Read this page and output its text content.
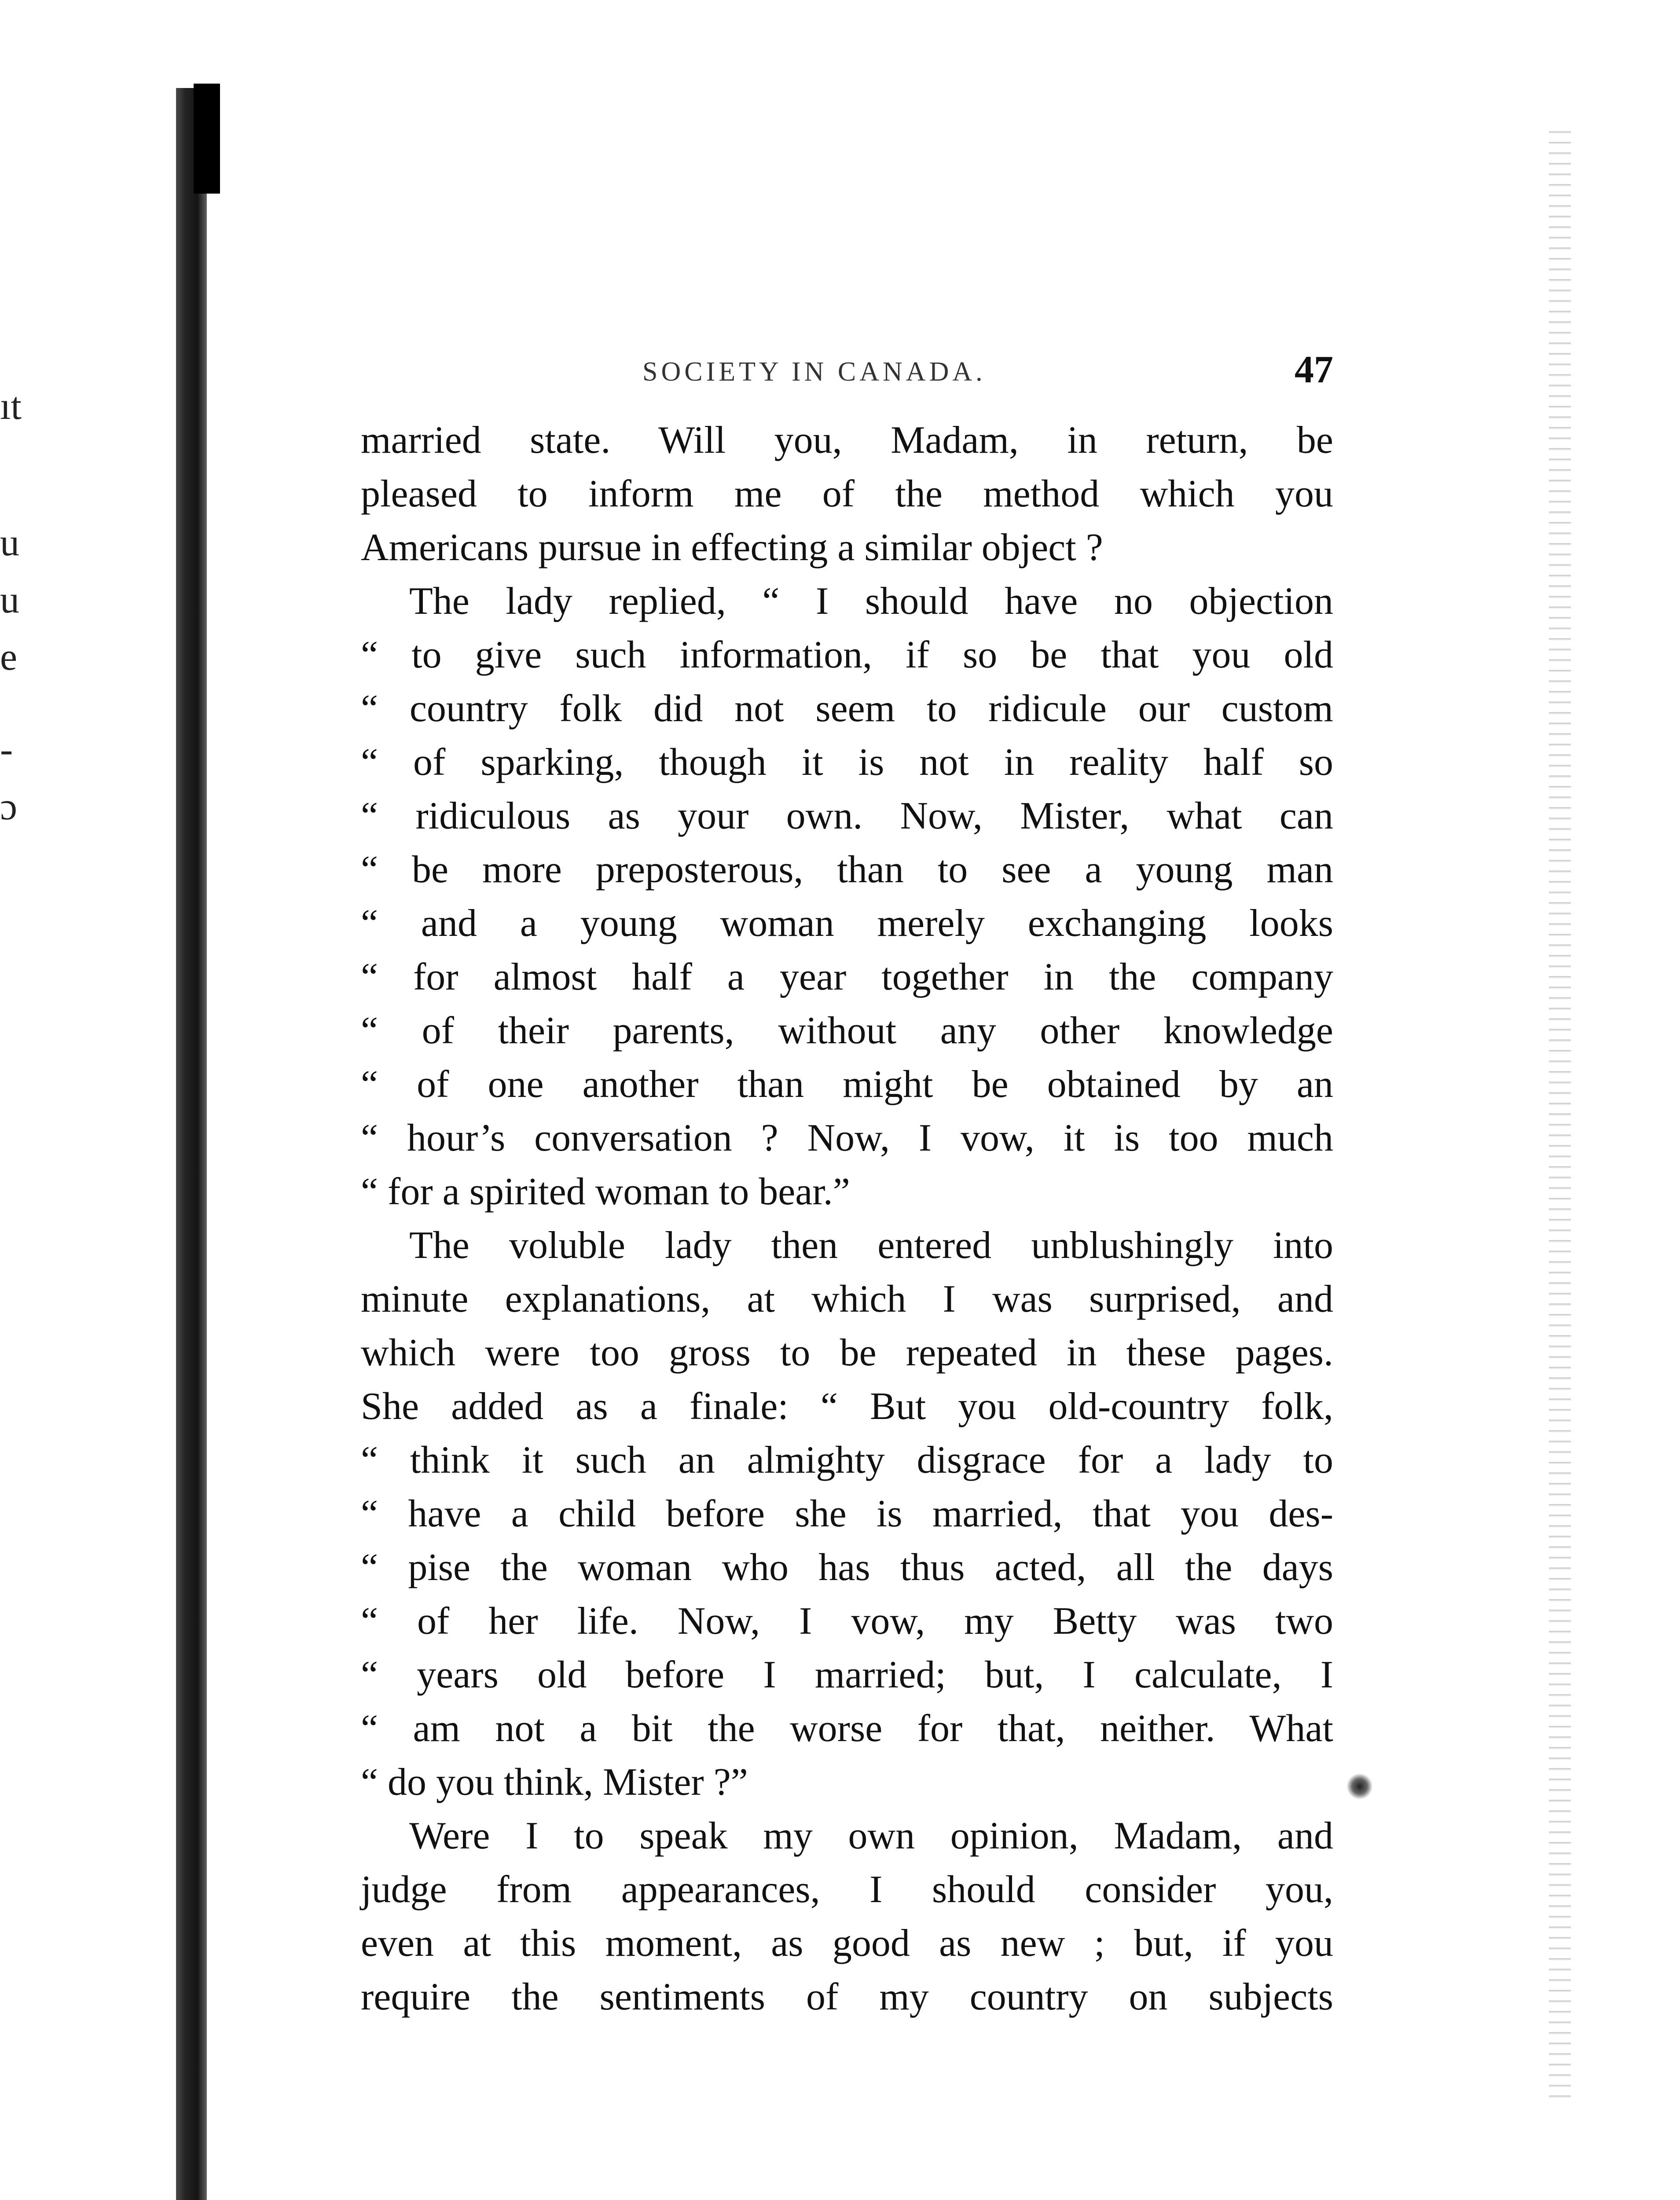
ıt
u
u
e
-
ɔ
SOCIETY IN CANADA.	47
married state. Will you, Madam, in return, be
pleased to inform me of the method which you
Americans pursue in effecting a similar object ?
The lady replied, “ I should have no objection
“ to give such information, if so be that you old
“ country folk did not seem to ridicule our custom
“ of sparking, though it is not in reality half so
“ ridiculous as your own. Now, Mister, what can
“ be more preposterous, than to see a young man
“ and a young woman merely exchanging looks
“ for almost half a year together in the company
“ of their parents, without any other knowledge
“ of one another than might be obtained by an
“ hour’s conversation ? Now, I vow, it is too much
“ for a spirited woman to bear.”
The voluble lady then entered unblushingly into
minute explanations, at which I was surprised, and
which were too gross to be repeated in these pages.
She added as a finale: “ But you old-country folk,
“ think it such an almighty disgrace for a lady to
“ have a child before she is married, that you des-
“ pise the woman who has thus acted, all the days
“ of her life. Now, I vow, my Betty was two
“ years old before I married; but, I calculate, I
“ am not a bit the worse for that, neither. What
“ do you think, Mister ?”
Were I to speak my own opinion, Madam, and
judge from appearances, I should consider you,
even at this moment, as good as new ; but, if you
require the sentiments of my country on subjects
